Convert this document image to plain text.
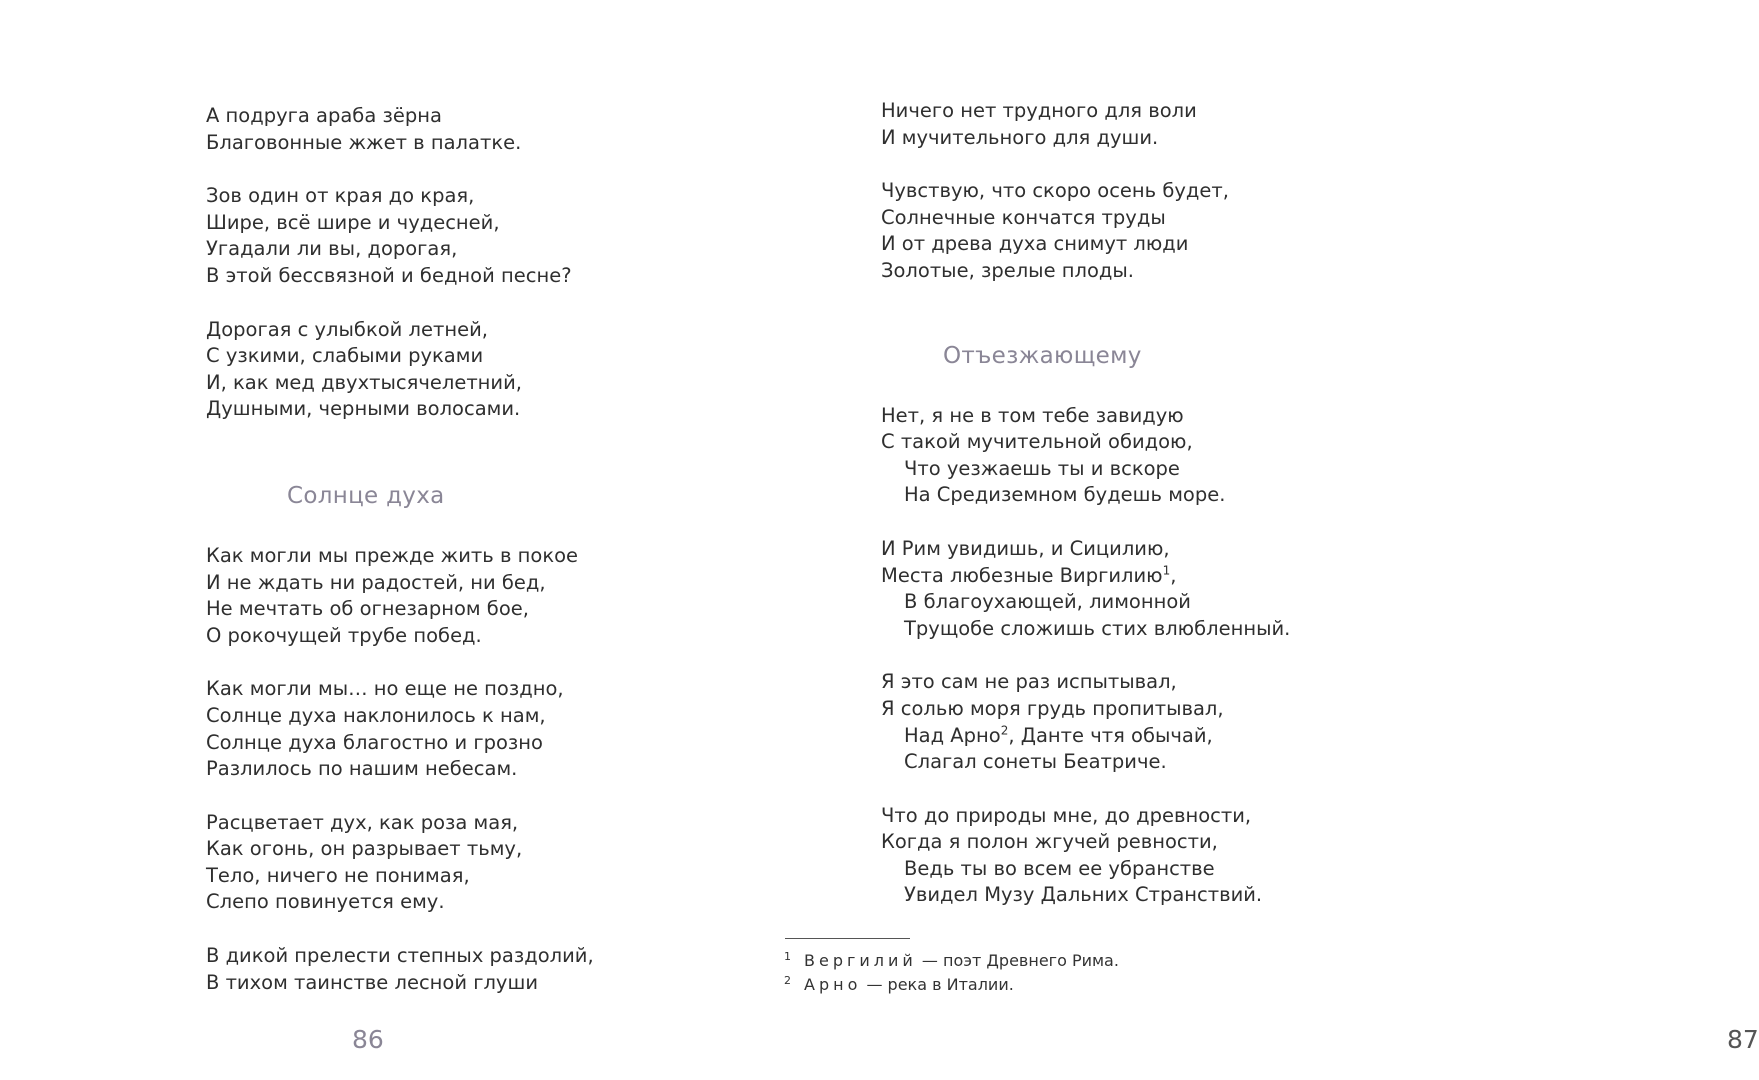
А подруга араба зёрна
Благовонные жжет в палатке.
Зов один от края до края,
Шире, всё шире и чудесней,
Угадали ли вы, дорогая,
В этой бессвязной и бедной песне?
Дорогая с улыбкой летней,
С узкими, слабыми руками
И, как мед двухтысячелетний,
Душными, черными волосами.
Солнце духа
Как могли мы прежде жить в покое
И не ждать ни радостей, ни бед,
Не мечтать об огнезарном бое,
О рокочущей трубе побед.
Как могли мы… но еще не поздно,
Солнце духа наклонилось к нам,
Солнце духа благостно и грозно
Разлилось по нашим небесам.
Расцветает дух, как роза мая,
Как огонь, он разрывает тьму,
Тело, ничего не понимая,
Слепо повинуется ему.
В дикой прелести степных раздолий,
В тихом таинстве лесной глуши
86
Ничего нет трудного для воли
И мучительного для души.
Чувствую, что скоро осень будет,
Солнечные кончатся труды
И от древа духа снимут люди
Золотые, зрелые плоды.
Отъезжающему
Нет, я не в том тебе завидую
С такой мучительной обидою,
Что уезжаешь ты и вскоре
На Средиземном будешь море.
И Рим увидишь, и Сицилию,
Места любезные Виргилию$^1$,
В благоухающей, лимонной
Трущобе сложишь стих влюбленный.
Я это сам не раз испытывал,
Я солью моря грудь пропитывал,
Над Арно$^2$, Данте чтя обычай,
Слагал сонеты Беатриче.
Что до природы мне, до древности,
Когда я полон жгучей ревности,
Ведь ты во всем ее убранстве
Увидел Музу Дальних Странствий.
87
1 Вергилий — поэт Древнего Рима.
2 Арно — река в Италии.
